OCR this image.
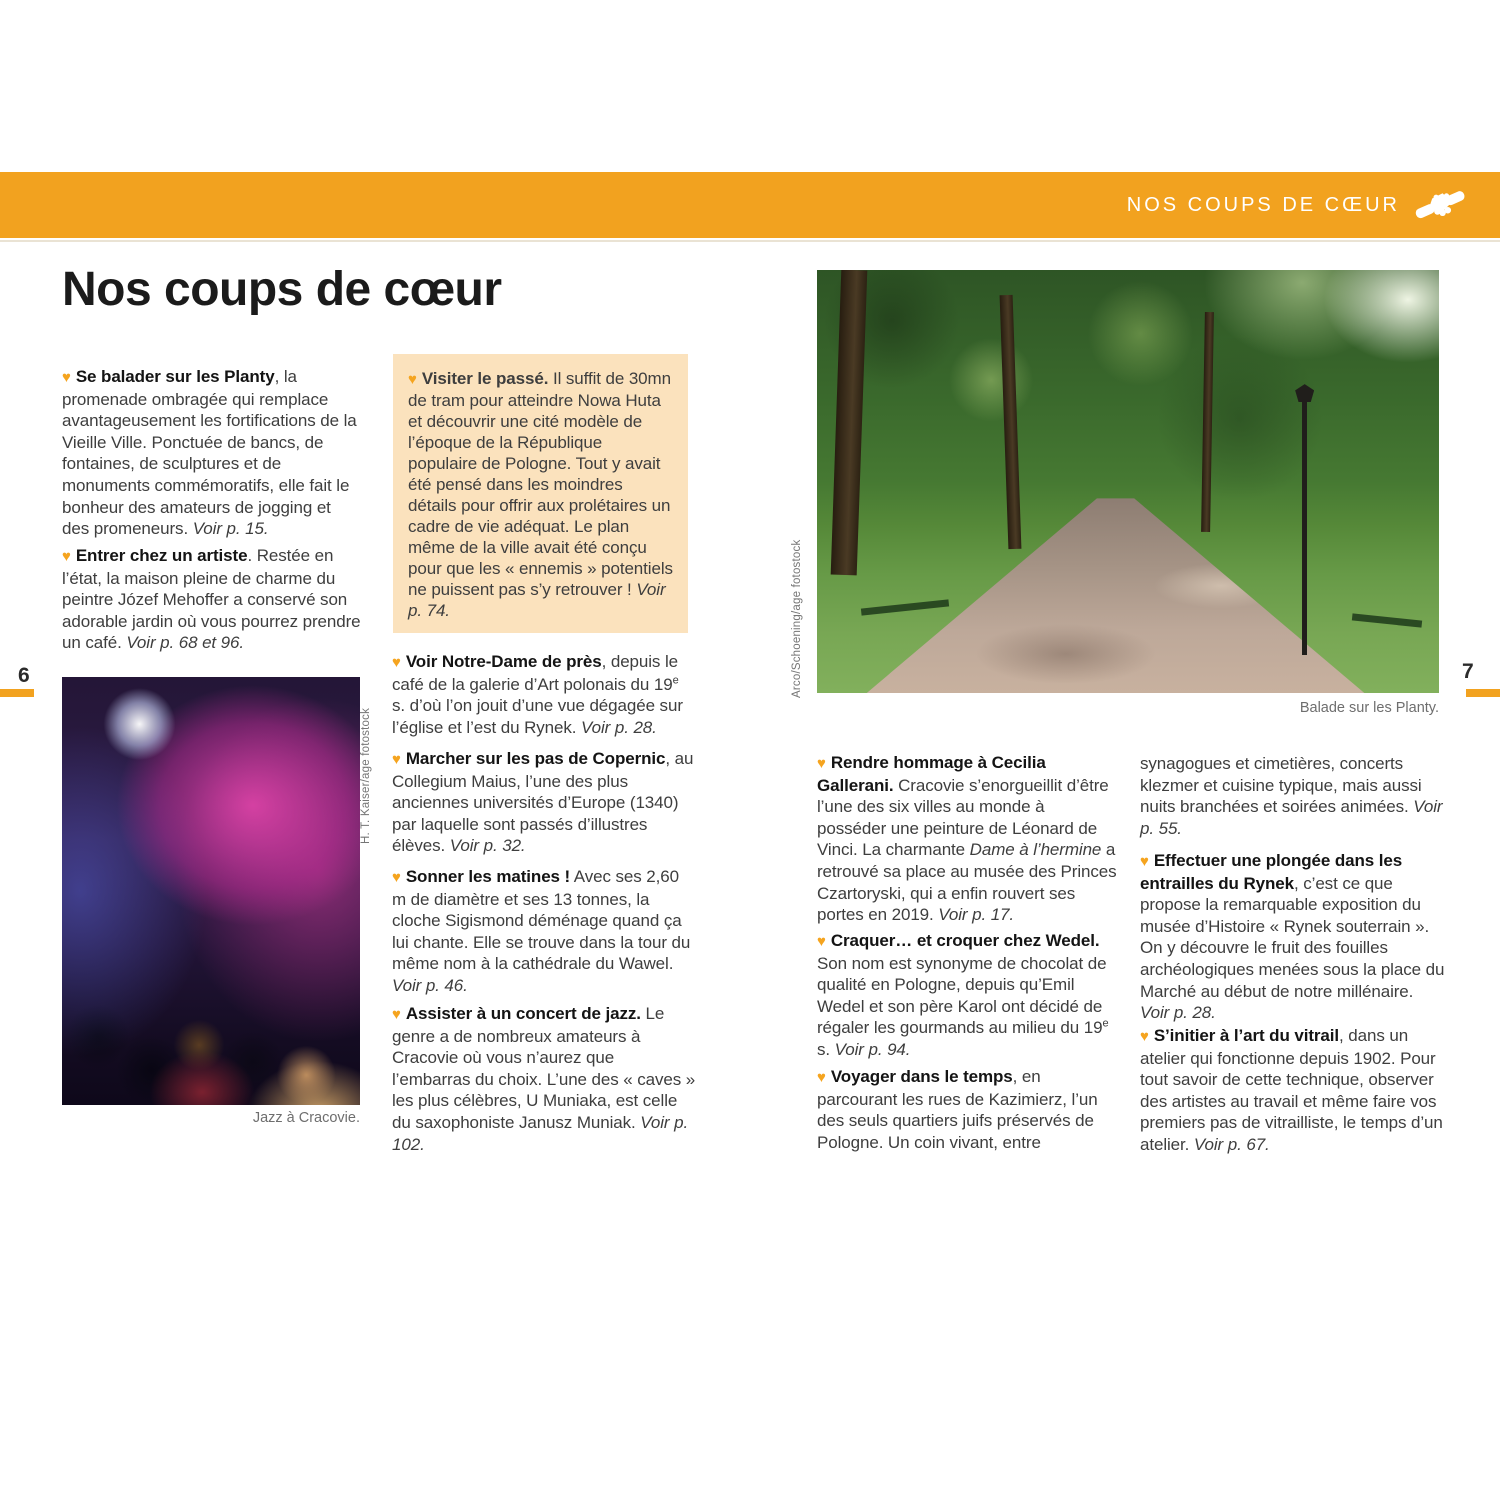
NOS COUPS DE CŒUR
Nos coups de cœur
6

♥ Se balader sur les Planty, la promenade ombragée qui remplace avantageusement les fortifications de la Vieille Ville. Ponctuée de bancs, de fontaines, de sculptures et de monuments commémoratifs, elle fait le bonheur des amateurs de jogging et des promeneurs. Voir p. 15.

♥ Entrer chez un artiste. Restée en l’état, la maison pleine de charme du peintre Józef Mehoffer a conservé son adorable jardin où vous pourrez prendre un café. Voir p. 68 et 96.

♥ Visiter le passé. Il suffit de 30mn de tram pour atteindre Nowa Huta et découvrir une cité modèle de l’époque de la République populaire de Pologne. Tout y avait été pensé dans les moindres détails pour offrir aux prolétaires un cadre de vie adéquat. Le plan même de la ville avait été conçu pour que les « ennemis » potentiels ne puissent pas s’y retrouver ! Voir p. 74.

♥ Voir Notre-Dame de près, depuis le café de la galerie d’Art polonais du 19e s. d’où l’on jouit d’une vue dégagée sur l’église et l’est du Rynek. Voir p. 28.

♥ Marcher sur les pas de Copernic, au Collegium Maius, l’une des plus anciennes universités d’Europe (1340) par laquelle sont passés d’illustres élèves. Voir p. 32.

♥ Sonner les matines ! Avec ses 2,60 m de diamètre et ses 13 tonnes, la cloche Sigismond déménage quand ça lui chante. Elle se trouve dans la tour du même nom à la cathédrale du Wawel. Voir p. 46.

♥ Assister à un concert de jazz. Le genre a de nombreux amateurs à Cracovie où vous n’aurez que l’embarras du choix. L’une des « caves » les plus célèbres, U Muniaka, est celle du saxophoniste Janusz Muniak. Voir p. 102.

H. T. Kaiser/age fotostock
Jazz à Cracovie.
Arco/Schoening/age fotostock
Balade sur les Planty.
7

♥ Rendre hommage à Cecilia Gallerani. Cracovie s’enorgueillit d’être l’une des six villes au monde à posséder une peinture de Léonard de Vinci. La charmante Dame à l’hermine a retrouvé sa place au musée des Princes Czartoryski, qui a enfin rouvert ses portes en 2019. Voir p. 17.

♥ Craquer… et croquer chez Wedel. Son nom est synonyme de chocolat de qualité en Pologne, depuis qu’Emil Wedel et son père Karol ont décidé de régaler les gourmands au milieu du 19e s. Voir p. 94.

♥ Voyager dans le temps, en parcourant les rues de Kazimierz, l’un des seuls quartiers juifs préservés de Pologne. Un coin vivant, entre

synagogues et cimetières, concerts klezmer et cuisine typique, mais aussi nuits branchées et soirées animées. Voir p. 55.

♥ Effectuer une plongée dans les entrailles du Rynek, c’est ce que propose la remarquable exposition du musée d’Histoire « Rynek souterrain ». On y découvre le fruit des fouilles archéologiques menées sous la place du Marché au début de notre millénaire. Voir p. 28.

♥ S’initier à l’art du vitrail, dans un atelier qui fonctionne depuis 1902. Pour tout savoir de cette technique, observer des artistes au travail et même faire vos premiers pas de vitrailliste, le temps d’un atelier. Voir p. 67.
